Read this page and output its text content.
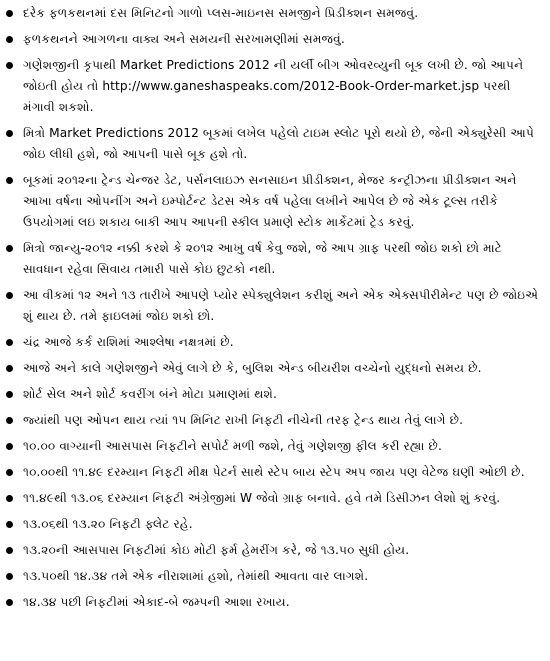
દરેક ફળકથનમાં દસ મિનિટનો ગાળો પ્લસ-માઇનસ સમજીને પ્રિડીક્શન સમજવું.
ફળકથનને આગળના વાક્ય અને સમયની સરખામણીમાં સમજવું.
ગણેશજીની કૃપાથી Market Predictions 2012 ની યર્લી બીગ ઓવરવ્યુની બૂક લખી છે. જો આપને જોઇતી હોય તો http://www.ganeshaspeaks.com/2012-Book-Order-market.jsp પરથી મંગાવી શકશો.
મિત્રો Market Predictions 2012 બૂકમાં લખેલ પહેલો ટાઇમ સ્લોટ પૂરો થયો છે, જેની એક્યુરેસી આપે જોઇ લીધી હશે, જો આપની પાસે બૂક હશે તો.
બૂકમાં ૨૦૧૨ના ટ્રેન્ડ ચેન્જર ડેટ, પર્સનલાઇઝ સનસાઇન પ્રીડીક્શન, મેજર કન્ટ્રીઝના પ્રીડીક્શન અને આખા વર્ષના ઓપનીંગ અને ઇમ્પોર્ટન્ટ ડેટસ એક વર્ષ પહેલા લખીને આપેલ છે જે એક ટૂલ્સ તરીકે ઉપયોગમાં લઇ શકાય બાકી આપ આપની સ્કીલ પ્રમાણે સ્ટોક માર્કેટમાં ટ્રેડ કરવું.
મિત્રો જાન્યુ-૨૦૧૨ નક્કી કરશે કે ૨૦૧૨ આખુ વર્ષ કેવુ જશે, જે આપ ગ્રાફ પરથી જોઇ શકો છો માટે સાવધાન રહેવા સિવાય તમારી પાસે કોઇ છુટકો નથી.
આ વીકમાં ૧૨ અને ૧૩ તારીખે આપણે પ્યોર સ્પેક્યુલેશન કરીશું અને એક એક્સપીરીમેન્ટ પણ છે જોઇએ શું થાય છે. તમે ફાઇલમાં જોઇ શકો છો.
ચંદ્ર આજે કર્ક રાશિમાં આશ્લેષા નક્ષત્રમાં છે.
આજે અને કાલે ગણેશજીને એવું લાગે છે કે, બુલિશ એન્ડ બીયરીશ વચ્ચેનો યુદ્ધનો સમય છે.
શોર્ટ સેલ અને શોર્ટ કવરીંગ બંને મોટા પ્રમાણમાં થશે.
જ્યાંથી પણ ઓપન થાય ત્યાં ૧૫ મિનિટ રાખી નિફટી નીચેની તરફ ટ્રેન્ડ થાય તેવું લાગે છે.
૧૦.૦૦ વાગ્યાની આસપાસ નિફટીને સપોર્ટ મળી જશે, તેવું ગણેશજી ફીલ કરી રહ્યા છે.
૧૦.૦૦થી ૧૧.૪૯ દરમ્યાન નિફટી મીક્ષ પેટર્ન સાથે સ્ટેપ બાય સ્ટેપ અપ જાય પણ વેટેજ ઘણી ઓછી છે.
૧૧.૪૯થી ૧૩.૦૬ દરમ્યાન નિફટી અંગ્રેજીમાં W જેવો ગ્રાફ બનાવે. હવે તમે ડિસીઝન લેશો શું કરવું.
૧૩.૦૬થી ૧૩.૨૦ નિફટી ફ્લેટ રહે.
૧૩.૨૦ની આસપાસ નિફટીમાં કોઇ મોટી ફર્મ હેમરીંગ કરે, જે ૧૩.૫૦ સુધી હોય.
૧૩.૫૦થી ૧૪.૩૪ તમે એક નીરાશામાં હશો, તેમાંથી આવતા વાર લાગશે.
૧૪.૩૪ પછી નિફટીમાં એકાદ-બે જમ્પની આશા રખાય.
